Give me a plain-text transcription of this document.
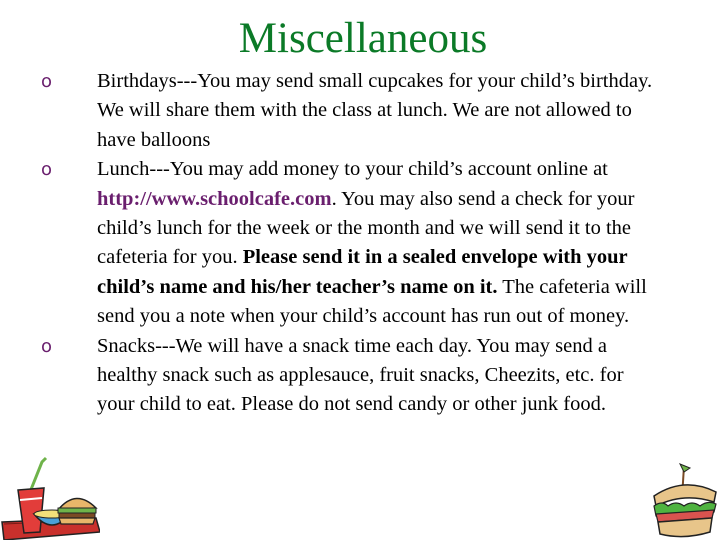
Miscellaneous
o Birthdays---You may send small cupcakes for your child’s birthday. We will share them with the class at lunch. We are not allowed to have balloons
o Lunch---You may add money to your child’s account online at http://www.schoolcafe.com. You may also send a check for your child’s lunch for the week or the month and we will send it to the cafeteria for you. Please send it in a sealed envelope with your child’s name and his/her teacher’s name on it. The cafeteria will send you a note when your child’s account has run out of money.
o Snacks---We will have a snack time each day. You may send a healthy snack such as applesauce, fruit snacks, Cheezits, etc. for your child to eat. Please do not send candy or other junk food.
